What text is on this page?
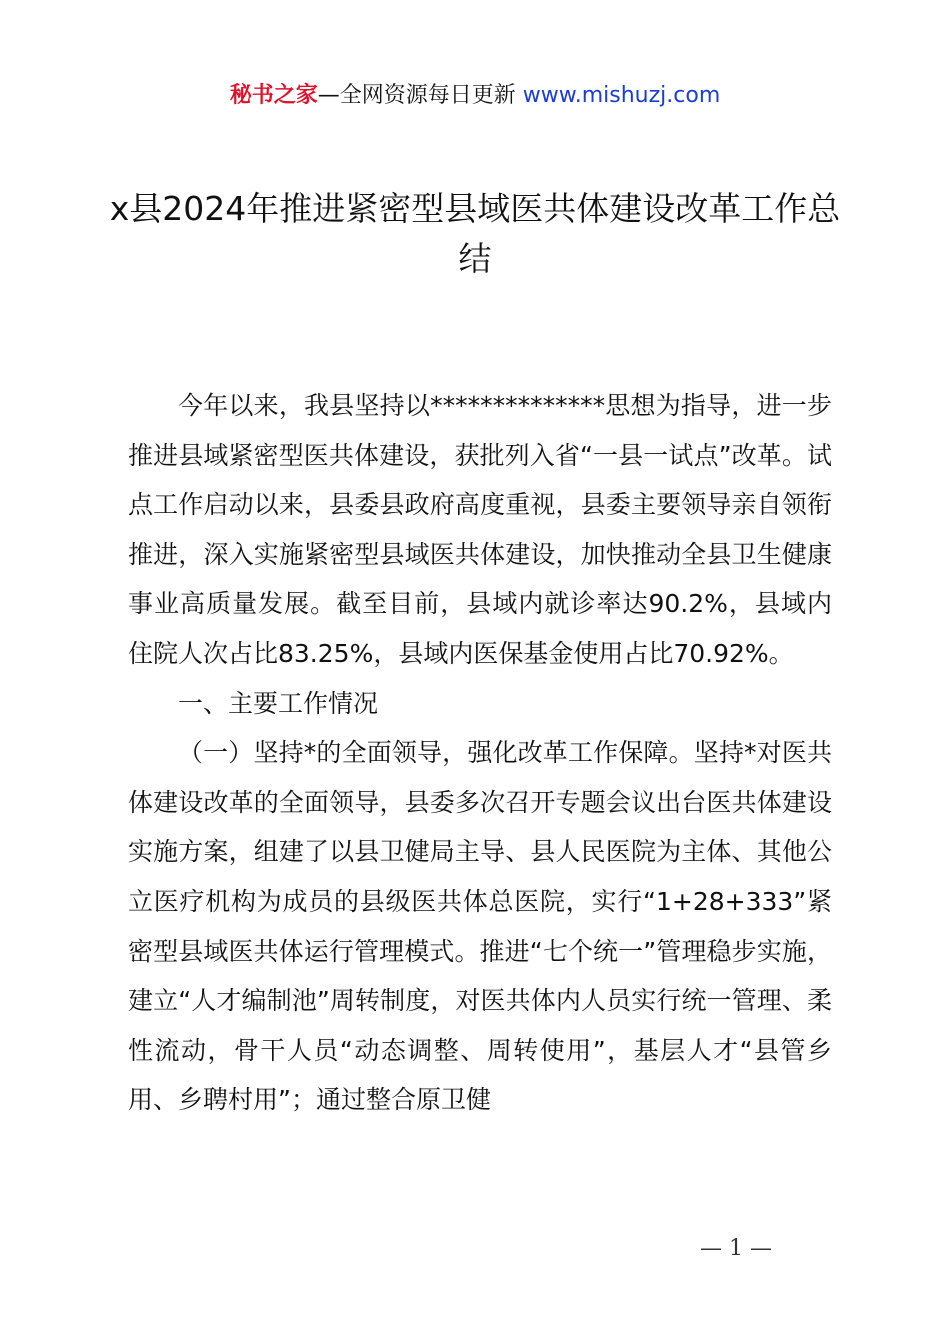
秘书之家—全网资源每日更新 www.mishuzj.com
x县2024年推进紧密型县域医共体建设改革工作总结

今年以来，我县坚持以**************思想为指导，进一步推进县域紧密型医共体建设，获批列入省“一县一试点”改革。试点工作启动以来，县委县政府高度重视，县委主要领导亲自领衔推进，深入实施紧密型县域医共体建设，加快推动全县卫生健康事业高质量发展。截至目前，县域内就诊率达90.2%，县域内住院人次占比83.25%，县域内医保基金使用占比70.92%。

一、主要工作情况

（一）坚持*的全面领导，强化改革工作保障。坚持*对医共体建设改革的全面领导，县委多次召开专题会议出台医共体建设实施方案，组建了以县卫健局主导、县人民医院为主体、其他公立医疗机构为成员的县级医共体总医院，实行“1+28+333”紧密型县域医共体运行管理模式。推进“七个统一”管理稳步实施，建立“人才编制池”周转制度，对医共体内人员实行统一管理、柔性流动，骨干人员“动态调整、周转使用”，基层人才“县管乡用、乡聘村用”；通过整合原卫健

— 1 —
